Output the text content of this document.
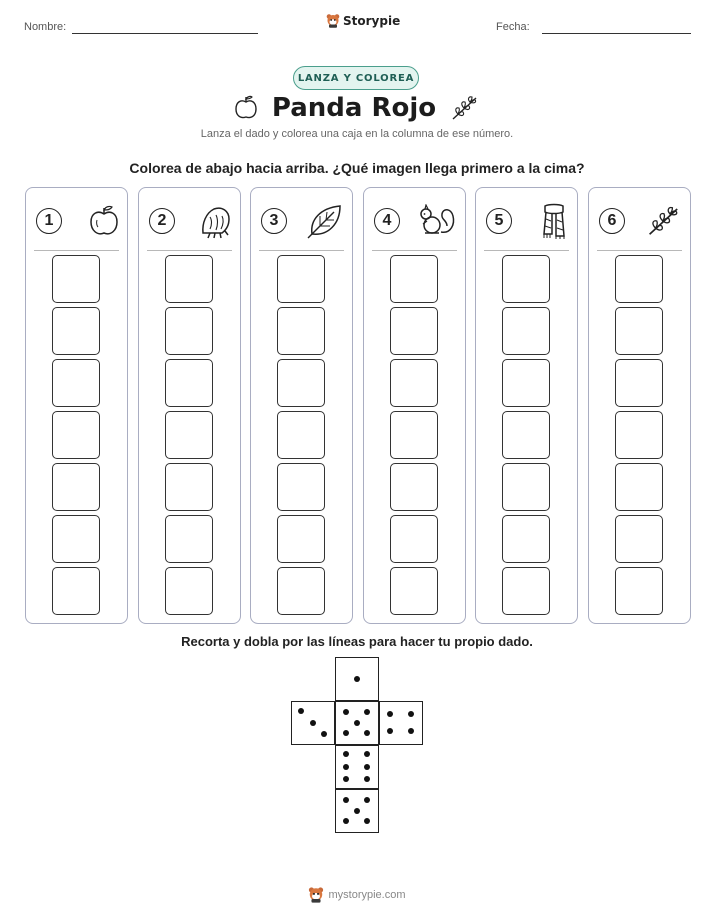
Nombre:	Storypie	Fecha:
LANZA Y COLOREA
Panda Rojo
Lanza el dado y colorea una caja en la columna de ese número.
Colorea de abajo hacia arriba. ¿Qué imagen llega primero a la cima?
1	2	3	4	5	6
Recorta y dobla por las líneas para hacer tu propio dado.
mystorypie.com
